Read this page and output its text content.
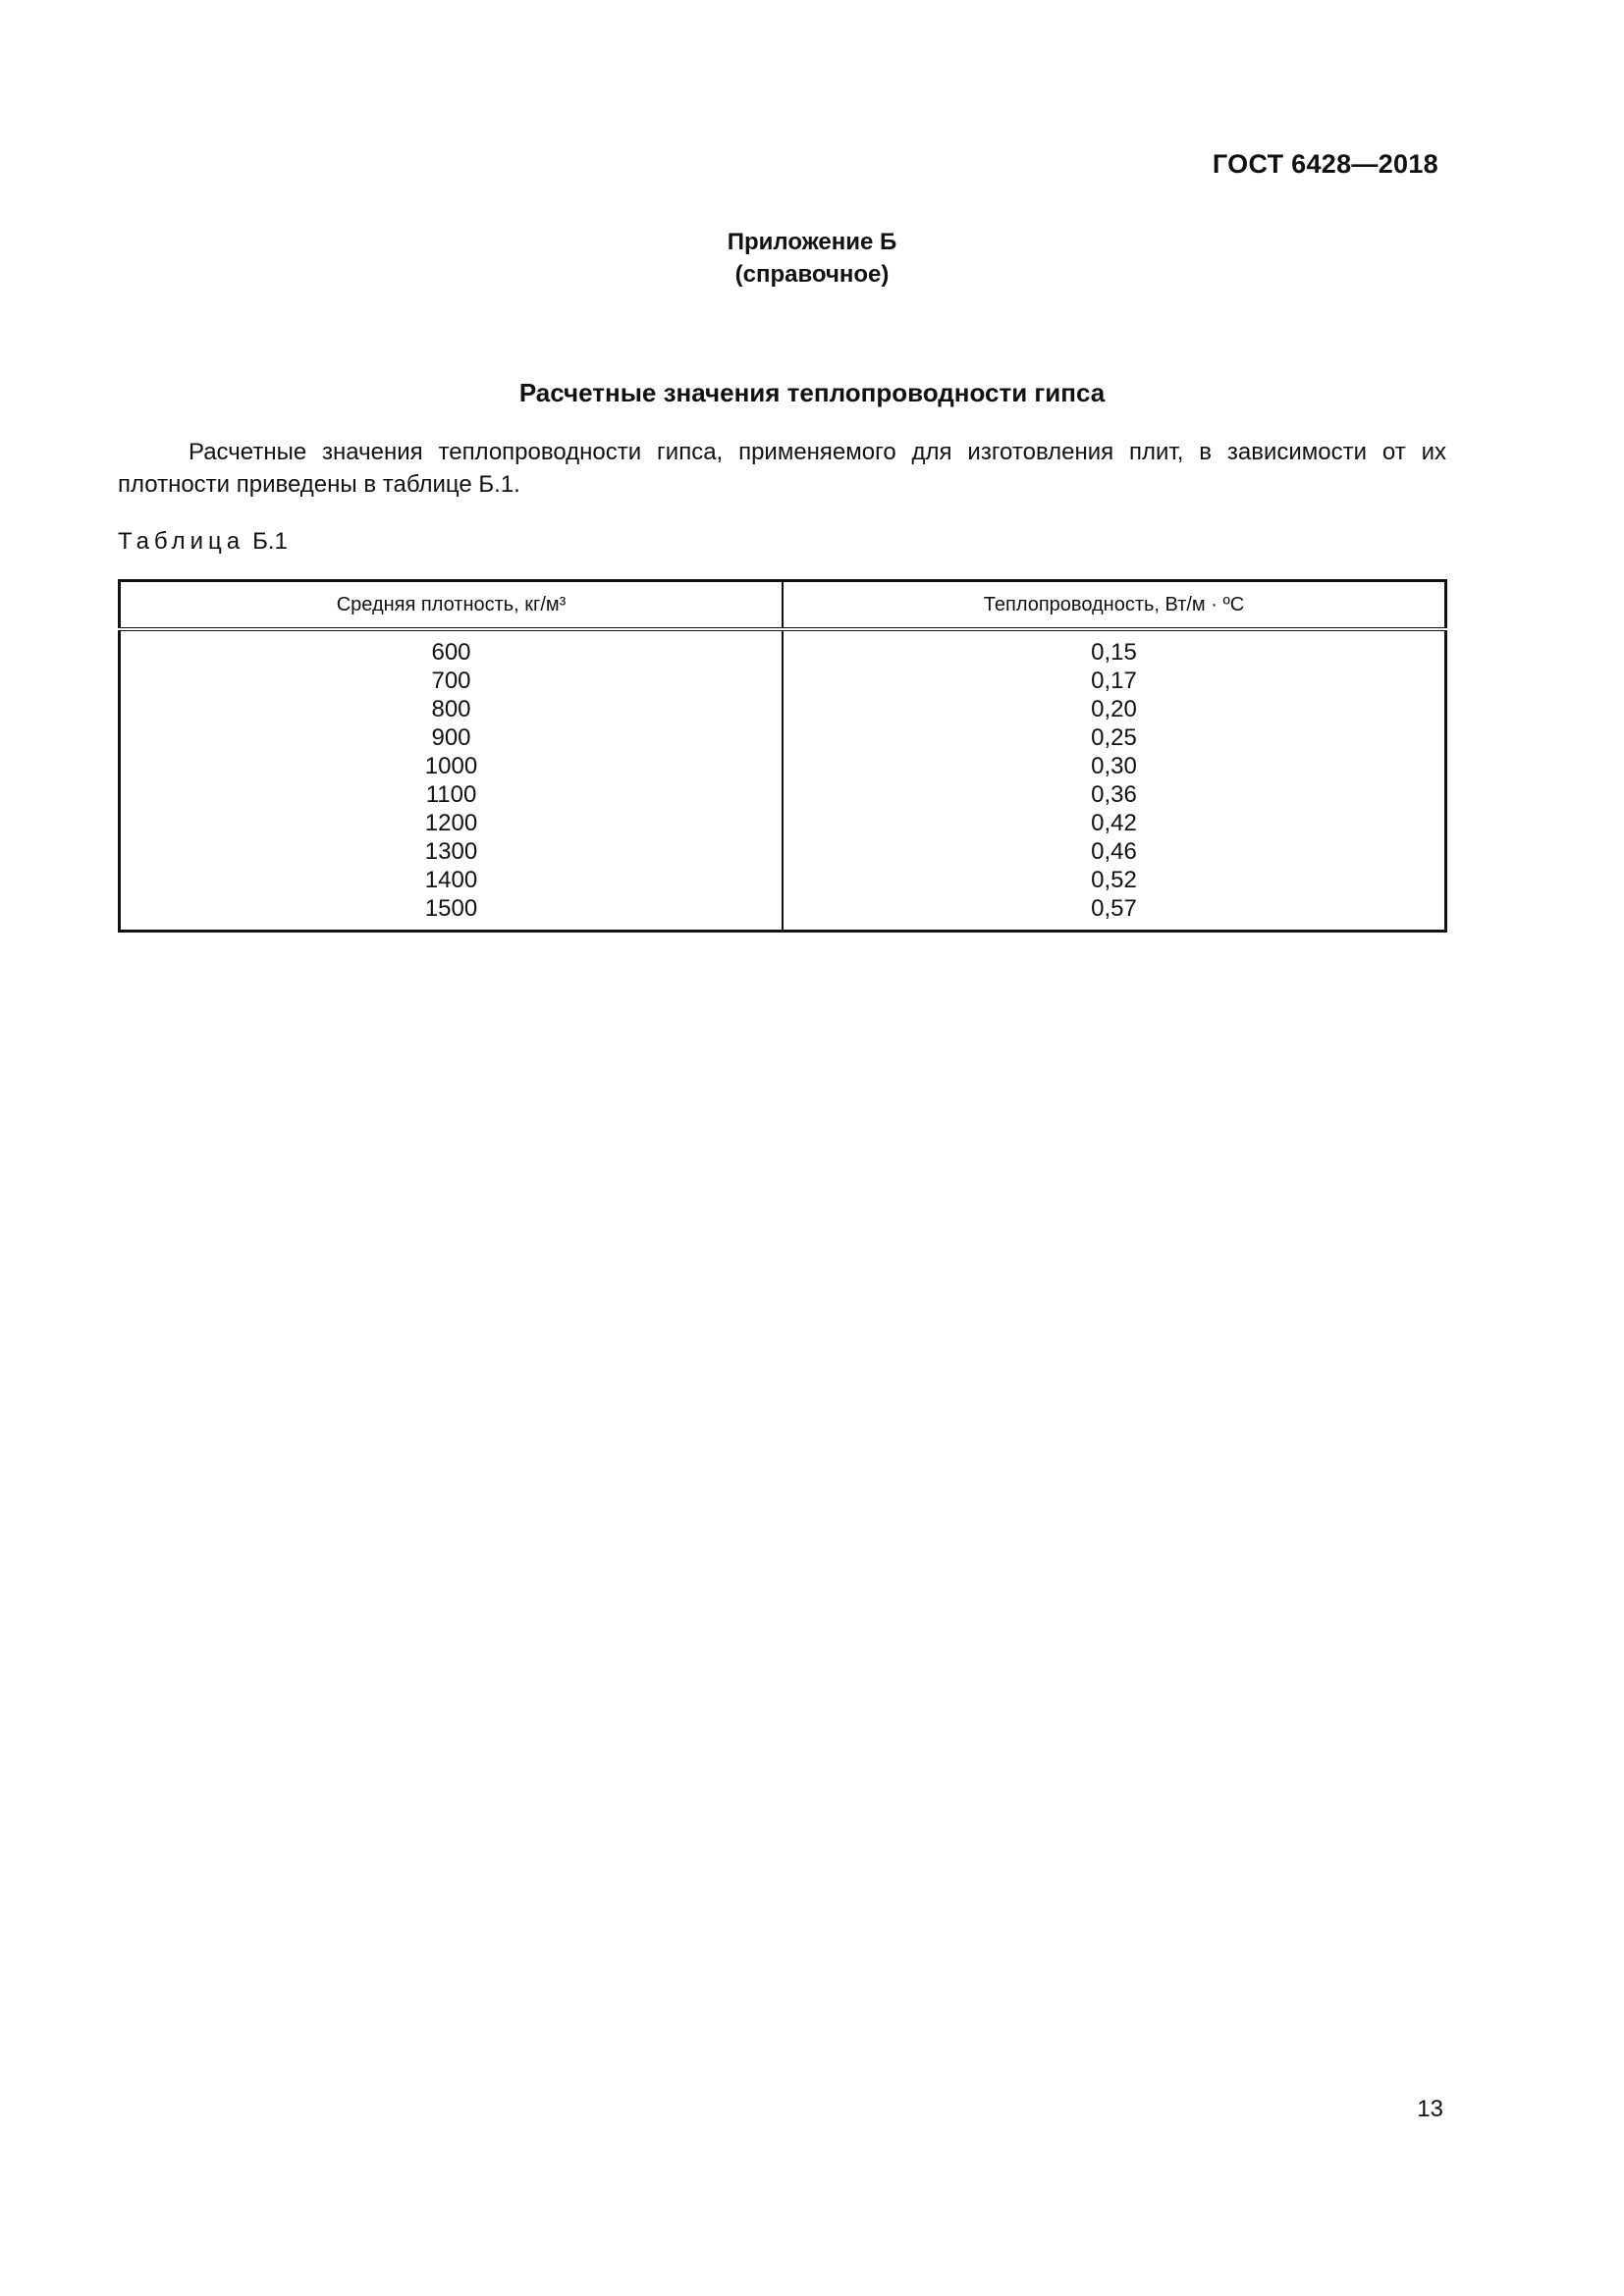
ГОСТ 6428—2018
Приложение Б
(справочное)
Расчетные значения теплопроводности гипса
Расчетные значения теплопроводности гипса, применяемого для изготовления плит, в зависимости от их плотности приведены в таблице Б.1.
Таблица Б.1
Средняя плотность, кг/м³	Теплопроводность, Вт/м · ºС
600	0,15
700	0,17
800	0,20
900	0,25
1000	0,30
1100	0,36
1200	0,42
1300	0,46
1400	0,52
1500	0,57
13
